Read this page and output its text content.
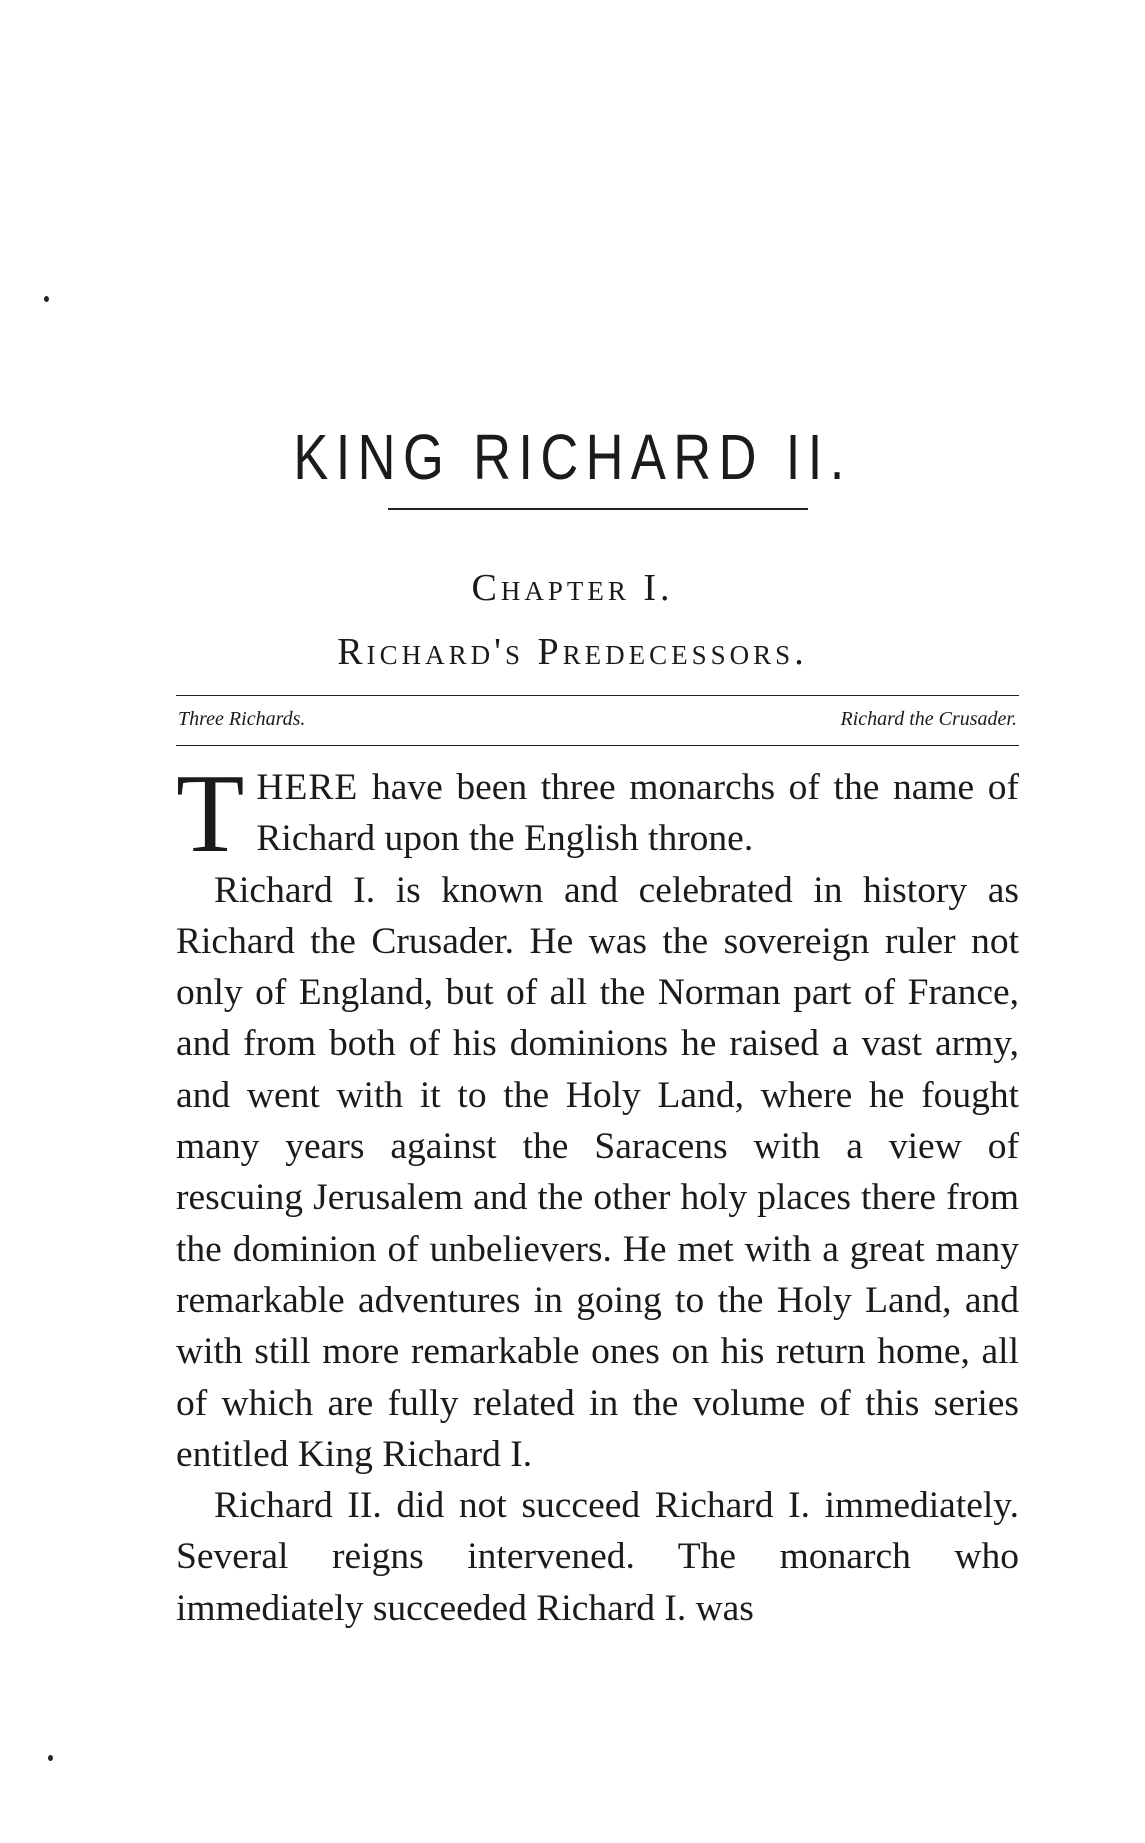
KING RICHARD II.
Chapter I.
Richard's Predecessors.
Three Richards.	Richard the Crusader.

THERE have been three monarchs of the name of Richard upon the English throne.

Richard I. is known and celebrated in history as Richard the Crusader. He was the sovereign ruler not only of England, but of all the Norman part of France, and from both of his dominions he raised a vast army, and went with it to the Holy Land, where he fought many years against the Saracens with a view of rescuing Jerusalem and the other holy places there from the dominion of unbelievers. He met with a great many remarkable adventures in going to the Holy Land, and with still more remarkable ones on his return home, all of which are fully related in the volume of this series entitled King Richard I.

Richard II. did not succeed Richard I. immediately. Several reigns intervened. The monarch who immediately succeeded Richard I. was
